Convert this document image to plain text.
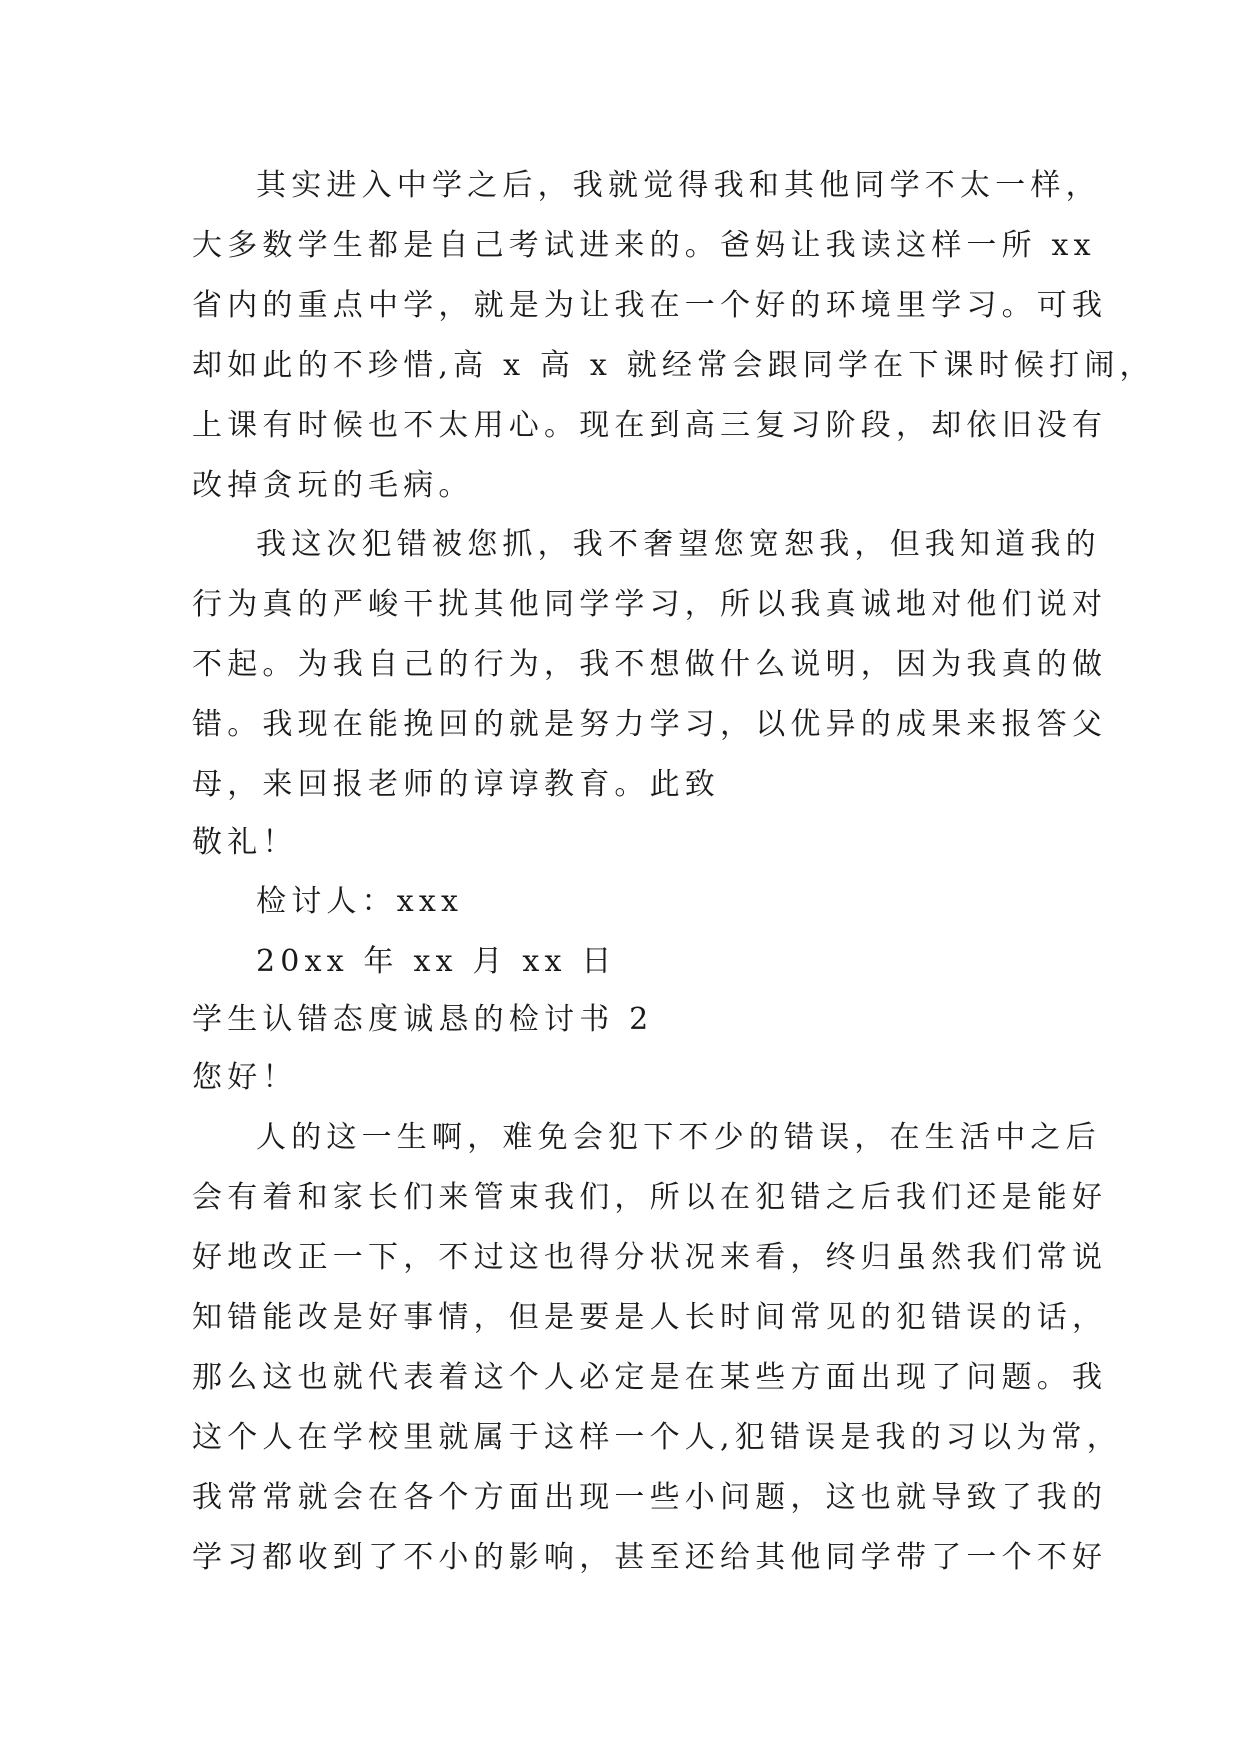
其实进入中学之后，我就觉得我和其他同学不太一样，
大多数学生都是自己考试进来的。爸妈让我读这样一所 xx
省内的重点中学，就是为让我在一个好的环境里学习。可我
却如此的不珍惜,高 x 高 x 就经常会跟同学在下课时候打闹，
上课有时候也不太用心。现在到高三复习阶段，却依旧没有
改掉贪玩的毛病。
我这次犯错被您抓，我不奢望您宽恕我，但我知道我的
行为真的严峻干扰其他同学学习，所以我真诚地对他们说对
不起。为我自己的行为，我不想做什么说明，因为我真的做
错。我现在能挽回的就是努力学习，以优异的成果来报答父
母，来回报老师的谆谆教育。此致
敬礼！
检讨人：xxx
20xx 年 xx 月 xx 日
学生认错态度诚恳的检讨书 2
您好！
人的这一生啊，难免会犯下不少的错误，在生活中之后
会有着和家长们来管束我们，所以在犯错之后我们还是能好
好地改正一下，不过这也得分状况来看，终归虽然我们常说
知错能改是好事情，但是要是人长时间常见的犯错误的话，
那么这也就代表着这个人必定是在某些方面出现了问题。我
这个人在学校里就属于这样一个人,犯错误是我的习以为常，
我常常就会在各个方面出现一些小问题，这也就导致了我的
学习都收到了不小的影响，甚至还给其他同学带了一个不好
